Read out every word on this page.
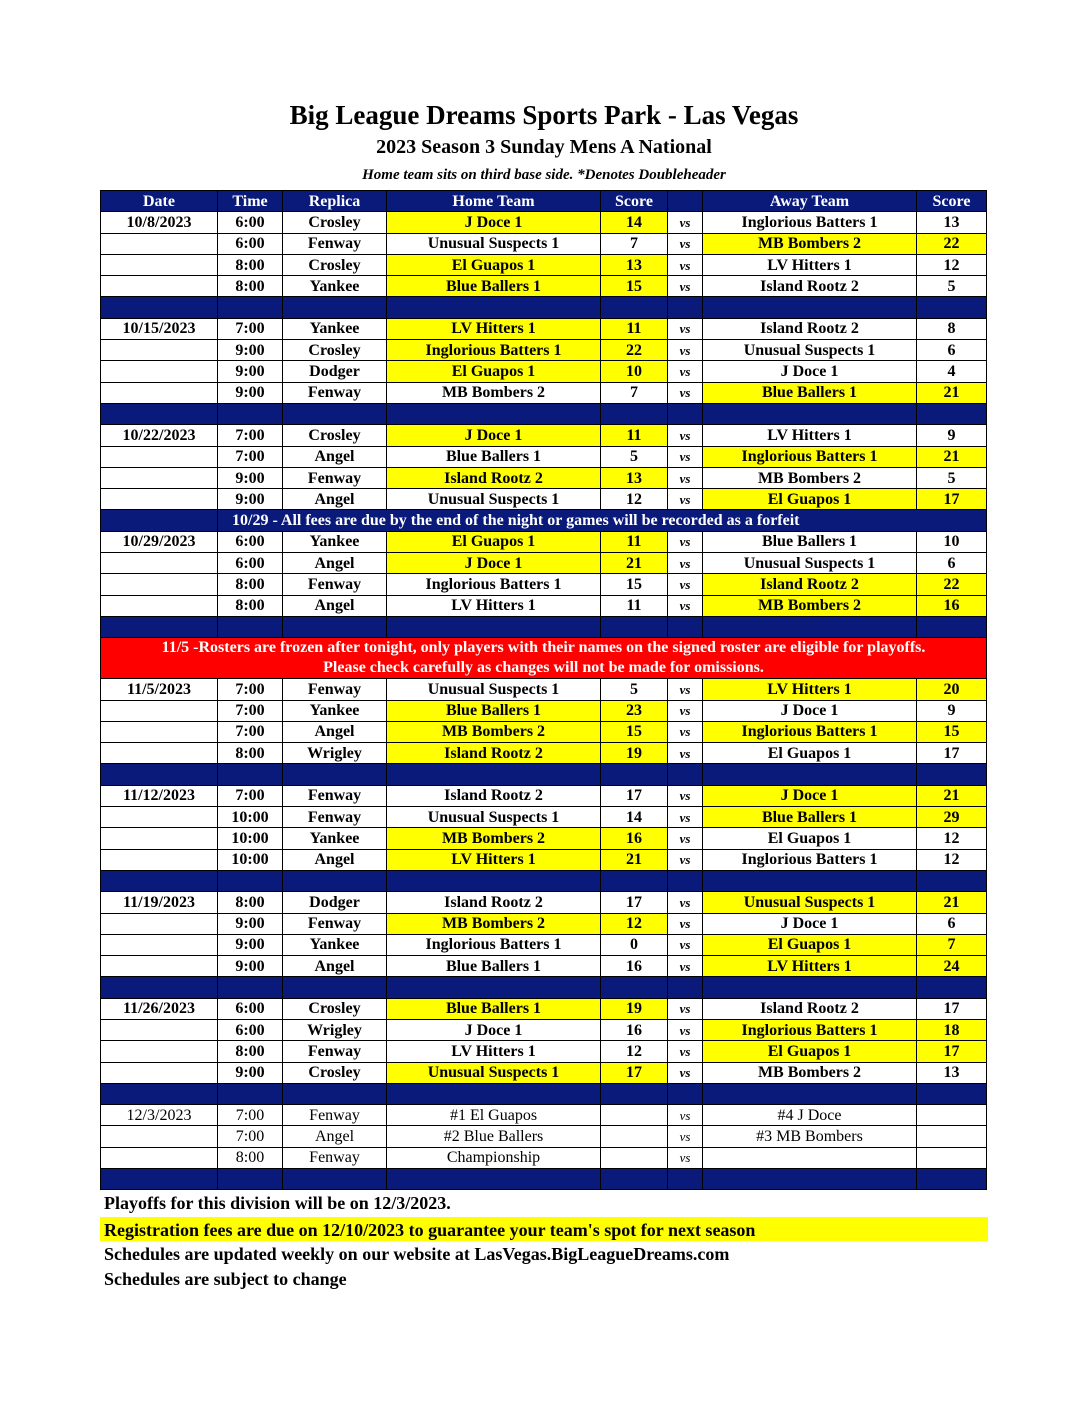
Big League Dreams Sports Park - Las Vegas
2023 Season 3 Sunday Mens A National
Home team sits on third base side. *Denotes Doubleheader
Date	Time	Replica	Home Team	Score		Away Team	Score
10/8/2023	6:00	Crosley	J Doce 1	14	vs	Inglorious Batters 1	13
	6:00	Fenway	Unusual Suspects 1	7	vs	MB Bombers 2	22
	8:00	Crosley	El Guapos 1	13	vs	LV Hitters 1	12
	8:00	Yankee	Blue Ballers 1	15	vs	Island Rootz 2	5

10/15/2023	7:00	Yankee	LV Hitters 1	11	vs	Island Rootz 2	8
	9:00	Crosley	Inglorious Batters 1	22	vs	Unusual Suspects 1	6
	9:00	Dodger	El Guapos 1	10	vs	J Doce 1	4
	9:00	Fenway	MB Bombers 2	7	vs	Blue Ballers 1	21

10/22/2023	7:00	Crosley	J Doce 1	11	vs	LV Hitters 1	9
	7:00	Angel	Blue Ballers 1	5	vs	Inglorious Batters 1	21
	9:00	Fenway	Island Rootz 2	13	vs	MB Bombers 2	5
	9:00	Angel	Unusual Suspects 1	12	vs	El Guapos 1	17
	10/29 - All fees are due by the end of the night or games will be recorded as a forfeit						
10/29/2023	6:00	Yankee	El Guapos 1	11	vs	Blue Ballers 1	10
	6:00	Angel	J Doce 1	21	vs	Unusual Suspects 1	6
	8:00	Fenway	Inglorious Batters 1	15	vs	Island Rootz 2	22
	8:00	Angel	LV Hitters 1	11	vs	MB Bombers 2	16

11/5 -Rosters are frozen after tonight, only players with their names on the signed roster are eligible for playoffs.
Please check carefully as changes will not be made for omissions.							

11/5/2023	7:00	Fenway	Unusual Suspects 1	5	vs	LV Hitters 1	20
	7:00	Yankee	Blue Ballers 1	23	vs	J Doce 1	9
	7:00	Angel	MB Bombers 2	15	vs	Inglorious Batters 1	15
	8:00	Wrigley	Island Rootz 2	19	vs	El Guapos 1	17

11/12/2023	7:00	Fenway	Island Rootz 2	17	vs	J Doce 1	21
	10:00	Fenway	Unusual Suspects 1	14	vs	Blue Ballers 1	29
	10:00	Yankee	MB Bombers 2	16	vs	El Guapos 1	12
	10:00	Angel	LV Hitters 1	21	vs	Inglorious Batters 1	12

11/19/2023	8:00	Dodger	Island Rootz 2	17	vs	Unusual Suspects 1	21
	9:00	Fenway	MB Bombers 2	12	vs	J Doce 1	6
	9:00	Yankee	Inglorious Batters 1	0	vs	El Guapos 1	7
	9:00	Angel	Blue Ballers 1	16	vs	LV Hitters 1	24

11/26/2023	6:00	Crosley	Blue Ballers 1	19	vs	Island Rootz 2	17
	6:00	Wrigley	J Doce 1	16	vs	Inglorious Batters 1	18
	8:00	Fenway	LV Hitters 1	12	vs	El Guapos 1	17
	9:00	Crosley	Unusual Suspects 1	17	vs	MB Bombers 2	13

12/3/2023	7:00	Fenway	#1 El Guapos		vs	#4 J Doce	
	7:00	Angel	#2 Blue Ballers		vs	#3 MB Bombers	
	8:00	Fenway	Championship		vs		

Playoffs for this division will be on 12/3/2023.
Registration fees are due on 12/10/2023 to guarantee your team's spot for next season
Schedules are updated weekly on our website at LasVegas.BigLeagueDreams.com
Schedules are subject to change
